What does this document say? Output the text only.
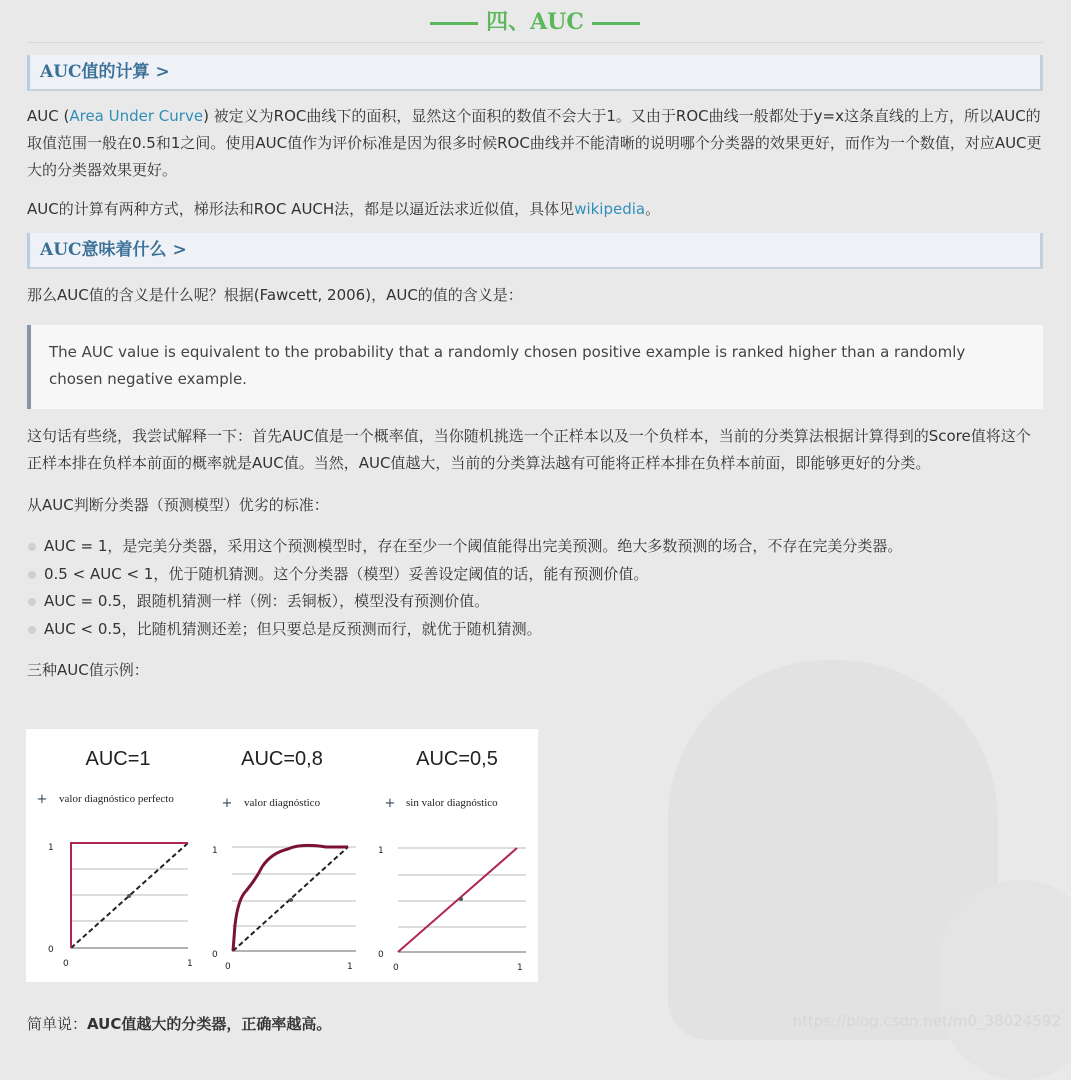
四、AUC
AUC值的计算 >

AUC (Area Under Curve) 被定义为ROC曲线下的面积，显然这个面积的数值不会大于1。又由于ROC曲线一般都处于y=x这条直线的上方，所以AUC的取值范围一般在0.5和1之间。使用AUC值作为评价标准是因为很多时候ROC曲线并不能清晰的说明哪个分类器的效果更好，而作为一个数值，对应AUC更大的分类器效果更好。

AUC的计算有两种方式，梯形法和ROC AUCH法，都是以逼近法求近似值，具体见wikipedia。

AUC意味着什么 >

那么AUC值的含义是什么呢？根据(Fawcett, 2006)，AUC的值的含义是：

The AUC value is equivalent to the probability that a randomly chosen positive example is ranked higher than a randomly chosen negative example.

这句话有些绕，我尝试解释一下：首先AUC值是一个概率值，当你随机挑选一个正样本以及一个负样本，当前的分类算法根据计算得到的Score值将这个正样本排在负样本前面的概率就是AUC值。当然，AUC值越大，当前的分类算法越有可能将正样本排在负样本前面，即能够更好的分类。

从AUC判断分类器（预测模型）优劣的标准：

AUC = 1，是完美分类器，采用这个预测模型时，存在至少一个阈值能得出完美预测。绝大多数预测的场合，不存在完美分类器。
0.5 < AUC < 1，优于随机猜测。这个分类器（模型）妥善设定阈值的话，能有预测价值。
AUC = 0.5，跟随机猜测一样（例：丢铜板），模型没有预测价值。
AUC < 0.5，比随机猜测还差；但只要总是反预测而行，就优于随机猜测。

三种AUC值示例：

AUC=1
+ valor diagnóstico perfecto
1
0
0	1
AUC=0,8
+ valor diagnóstico
1
0
0	1
AUC=0,5
+ sin valor diagnóstico
1
0
0	1

简单说：AUC值越大的分类器，正确率越高。	https://blog.csdn.net/m0_38024592
